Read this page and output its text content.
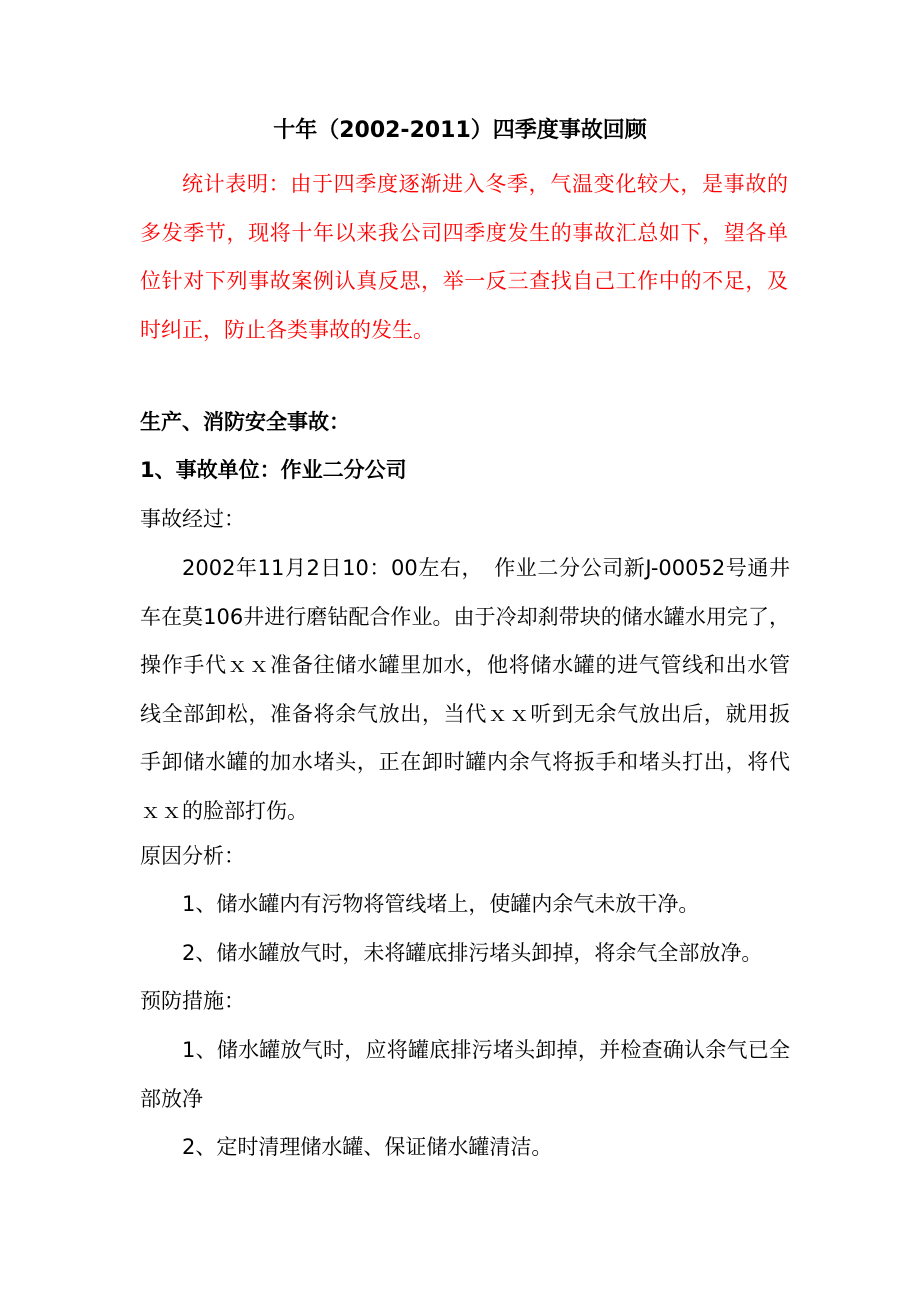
十年（2002-2011）四季度事故回顾

统计表明：由于四季度逐渐进入冬季，气温变化较大，是事故的多发季节，现将十年以来我公司四季度发生的事故汇总如下，望各单位针对下列事故案例认真反思，举一反三查找自己工作中的不足，及时纠正，防止各类事故的发生。

生产、消防安全事故：

1、事故单位：作业二分公司

事故经过：

2002年11月2日10：00左右，　作业二分公司新J-00052号通井车在莫106井进行磨钻配合作业。由于冷却刹带块的储水罐水用完了，操作手代ｘｘ准备往储水罐里加水，他将储水罐的进气管线和出水管线全部卸松，准备将余气放出，当代ｘｘ听到无余气放出后，就用扳手卸储水罐的加水堵头，正在卸时罐内余气将扳手和堵头打出，将代ｘｘ的脸部打伤。

原因分析：

1、储水罐内有污物将管线堵上，使罐内余气未放干净。

2、储水罐放气时，未将罐底排污堵头卸掉，将余气全部放净。

预防措施：

1、储水罐放气时，应将罐底排污堵头卸掉，并检查确认余气已全部放净

2、定时清理储水罐、保证储水罐清洁。
